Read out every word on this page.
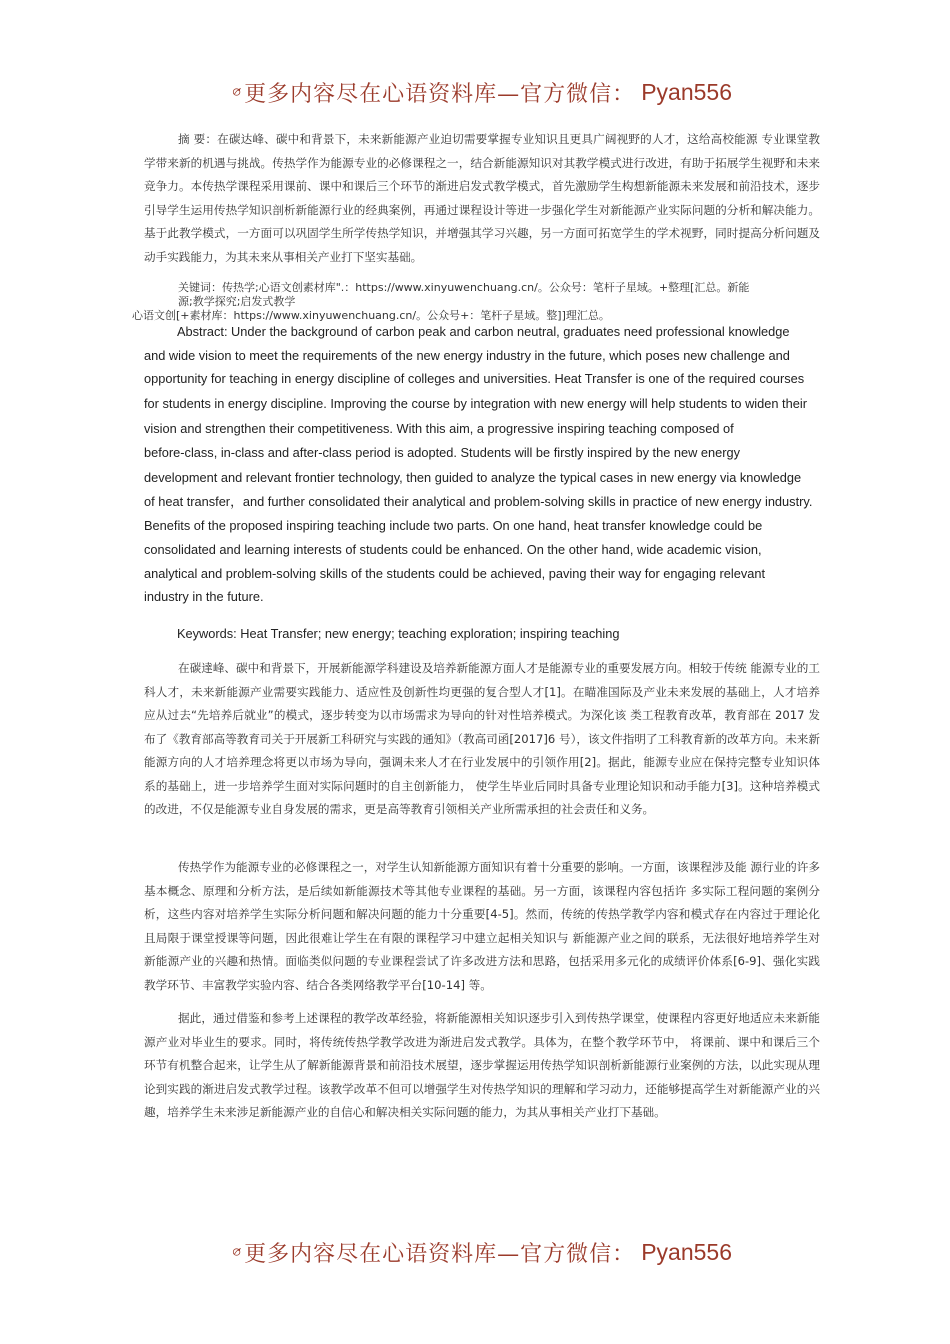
更多内容尽在心语资料库—官方微信： Pyan556

摘 要：在碳达峰、碳中和背景下，未来新能源产业迫切需要掌握专业知识且更具广阔视野的人才，这给高校能源 专业课堂教学带来新的机遇与挑战。传热学作为能源专业的必修课程之一，结合新能源知识对其教学模式进行改进，有助于拓展学生视野和未来竞争力。本传热学课程采用课前、课中和课后三个环节的渐进启发式教学模式，首先激励学生构想新能源未来发展和前沿技术，逐步引导学生运用传热学知识剖析新能源行业的经典案例，再通过课程设计等进一步强化学生对新能源产业实际问题的分析和解决能力。基于此教学模式，一方面可以巩固学生所学传热学知识，并增强其学习兴趣，另一方面可拓宽学生的学术视野，同时提高分析问题及动手实践能力，为其未来从事相关产业打下坚实基础。

关键词：传热学;心语文创素材库".：https://www.xinyuwenchuang.cn/。公众号：笔杆子星域。+整理[汇总。新能

源;教学探究;启发式教学

心语文创[+素材库：https://www.xinyuwenchuang.cn/。公众号+：笔杆子星域。整]]理汇总。

Abstract: Under the background of carbon peak and carbon neutral, graduates need professional knowledge

and wide vision to meet the requirements of the new energy industry in the future, which poses new challenge and

opportunity for teaching in energy discipline of colleges and universities. Heat Transfer is one of the required courses

for students in energy discipline. Improving the course by integration with new energy will help students to widen their

vision and strengthen their competitiveness. With this aim, a progressive inspiring teaching composed of

before-class, in-class and after-class period is adopted. Students will be firstly inspired by the new energy

development and relevant frontier technology, then guided to analyze the typical cases in new energy via knowledge

of heat transfer，and further consolidated their analytical and problem-solving skills in practice of new energy industry.

Benefits of the proposed inspiring teaching include two parts. On one hand, heat transfer knowledge could be

consolidated and learning interests of students could be enhanced. On the other hand, wide academic vision,

analytical and problem-solving skills of the students could be achieved, paving their way for engaging relevant

industry in the future.

Keywords: Heat Transfer; new energy; teaching exploration; inspiring teaching

在碳達峰、碳中和背景下，开展新能源学科建设及培养新能源方面人才是能源专业的重要发展方向。相较于传统 能源专业的工科人才，未来新能源产业需要实践能力、适应性及创新性均更强的复合型人才[1]。在瞄准国际及产业未来发展的基础上，人才培养应从过去“先培养后就业”的模式，逐步转变为以市场需求为导向的针对性培养模式。为深化该 类工程教育改革，教育部在 2017 发布了《教育部高等教育司关于开展新工科研究与实践的通知》（教高司函[2017]6 号），该文件指明了工科教育新的改革方向。未来新能源方向的人才培养理念将更以市场为导向，强调未来人才在行业发展中的引领作用[2]。据此，能源专业应在保持完整专业知识体系的基础上，进一步培养学生面对实际问题时的自主创新能力， 使学生毕业后同时具备专业理论知识和动手能力[3]。这种培养模式的改进，不仅是能源专业自身发展的需求，更是高等教育引领相关产业所需承担的社会责任和义务。

传热学作为能源专业的必修课程之一，对学生认知新能源方面知识有着十分重要的影响。一方面，该课程涉及能 源行业的许多基本概念、原理和分析方法，是后续如新能源技术等其他专业课程的基础。另一方面，该课程内容包括许 多实际工程问题的案例分析，这些内容对培养学生实际分析问题和解决问题的能力十分重要[4-5]。然而，传统的传热学教学内容和模式存在内容过于理论化且局限于课堂授课等问题，因此很难让学生在有限的课程学习中建立起相关知识与 新能源产业之间的联系，无法很好地培养学生对新能源产业的兴趣和热情。面临类似问题的专业课程尝试了许多改进方法和思路，包括采用多元化的成绩评价体系[6-9]、强化实践教学环节、丰富教学实验内容、结合各类网络教学平台[10-14] 等。

据此，通过借鉴和参考上述课程的教学改革经验，将新能源相关知识逐步引入到传热学课堂，使课程内容更好地适应未来新能源产业对毕业生的要求。同时，将传统传热学教学改进为渐进启发式教学。具体为，在整个教学环节中， 将课前、课中和课后三个环节有机整合起来，让学生从了解新能源背景和前沿技术展望，逐步掌握运用传热学知识剖析新能源行业案例的方法，以此实现从理论到实践的渐进启发式教学过程。该教学改革不但可以增强学生对传热学知识的理解和学习动力，还能够提高学生对新能源产业的兴趣，培养学生未来涉足新能源产业的自信心和解决相关实际问题的能力，为其从事相关产业打下基础。

更多内容尽在心语资料库—官方微信： Pyan556
